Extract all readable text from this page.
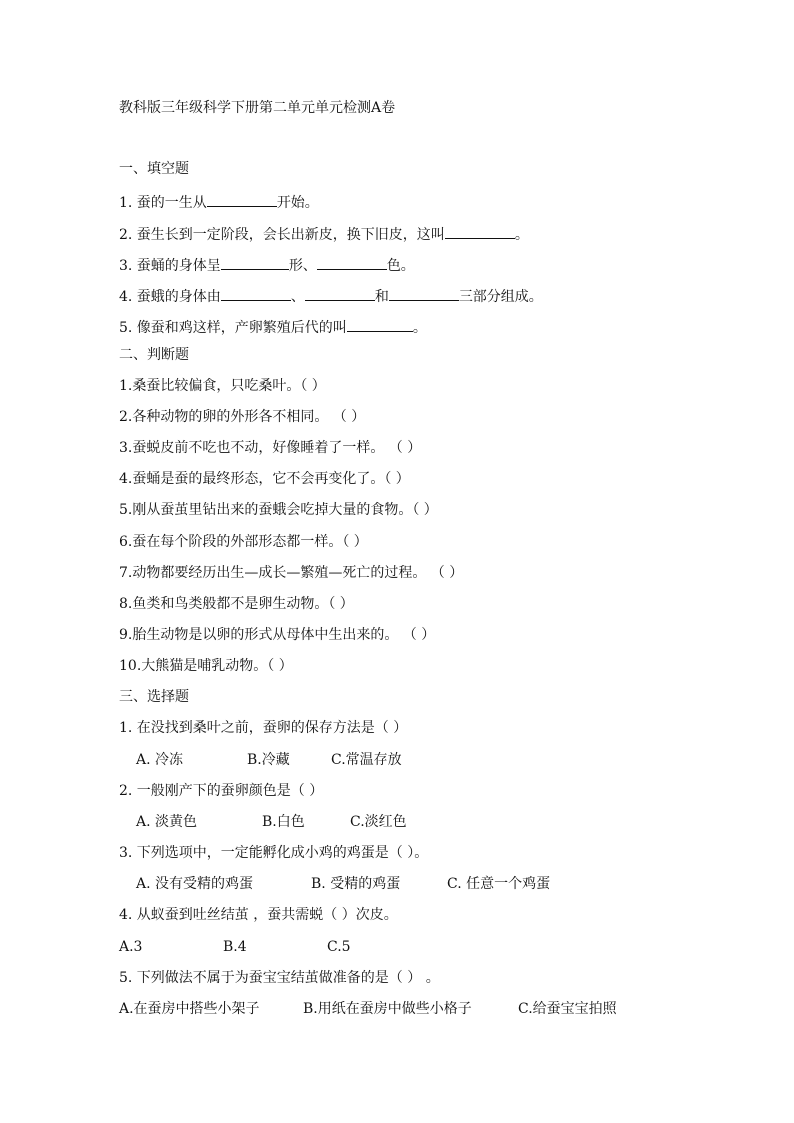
教科版三年级科学下册第二单元单元检测A卷
一、填空题
1. 蚕的一生从	开始。
2. 蚕生长到一定阶段，会长出新皮，换下旧皮，这叫	。
3. 蚕蛹的身体呈	形、	色。
4. 蚕蛾的身体由	、	和	三部分组成。
5. 像蚕和鸡这样，产卵繁殖后代的叫	。
二、判断题
1.桑蚕比较偏食，只吃桑叶。（ ）
2.各种动物的卵的外形各不相同。 （ ）
3.蚕蜕皮前不吃也不动，好像睡着了一样。 （ ）
4.蚕蛹是蚕的最终形态，它不会再变化了。（ ）
5.刚从蚕茧里钻出来的蚕蛾会吃掉大量的食物。（ ）
6.蚕在每个阶段的外部形态都一样。（ ）
7.动物都要经历出生—成长—繁殖—死亡的过程。 （ ）
8.鱼类和鸟类般都不是卵生动物。（ ）
9.胎生动物是以卵的形式从母体中生出来的。 （ ）
10.大熊猫是哺乳动物。（ ）
三、选择题
1. 在没找到桑叶之前，蚕卵的保存方法是（ ）
A. 冷冻	B.冷藏	C.常温存放
2. 一般刚产下的蚕卵颜色是（ ）
A. 淡黄色	B.白色	C.淡红色
3. 下列选项中，一定能孵化成小鸡的鸡蛋是（ ）。
A. 没有受精的鸡蛋	B. 受精的鸡蛋	C. 任意一个鸡蛋
4. 从蚁蚕到吐丝结茧 ，蚕共需蜕（ ）次皮。
A.3	B.4	C.5
5. 下列做法不属于为蚕宝宝结茧做准备的是（ ） 。
A.在蚕房中搭些小架子	B.用纸在蚕房中做些小格子	C.给蚕宝宝拍照
